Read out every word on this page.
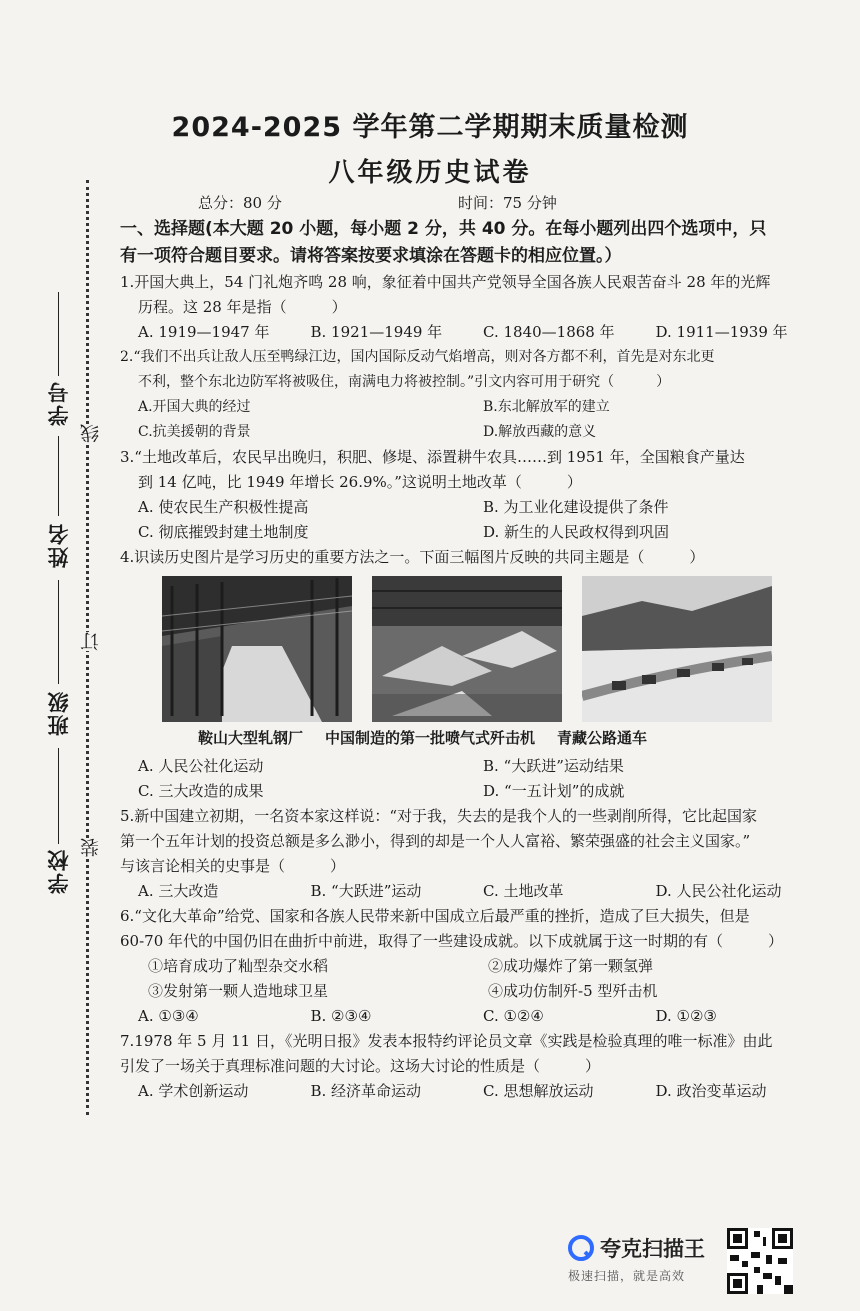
学号
姓名
班级
学校
线
订
装
2024-2025 学年第二学期期末质量检测
八年级历史试卷
总分：80 分	时间：75 分钟
一、选择题(本大题 20 小题，每小题 2 分，共 40 分。在每小题列出四个选项中，只
有一项符合题目要求。请将答案按要求填涂在答题卡的相应位置。）
1.开国大典上，54 门礼炮齐鸣 28 响，象征着中国共产党领导全国各族人民艰苦奋斗 28 年的光辉
历程。这 28 年是指（　　　）
A. 1919—1947 年	B. 1921—1949 年	C. 1840—1868 年	D. 1911—1939 年
2.“我们不出兵让敌人压至鸭绿江边，国内国际反动气焰增高，则对各方都不利，首先是对东北更
不利，整个东北边防军将被吸住，南满电力将被控制。”引文内容可用于研究（　　　）
A.开国大典的经过	B.东北解放军的建立
C.抗美援朝的背景	D.解放西藏的意义
3.“土地改革后，农民早出晚归，积肥、修堤、添置耕牛农具……到 1951 年，全国粮食产量达
到 14 亿吨，比 1949 年增长 26.9%。”这说明土地改革（　　　）
A. 使农民生产积极性提高	B. 为工业化建设提供了条件
C. 彻底摧毁封建土地制度	D. 新生的人民政权得到巩固
4.识读历史图片是学习历史的重要方法之一。下面三幅图片反映的共同主题是（　　　）
鞍山大型轧钢厂 中国制造的第一批喷气式歼击机 青藏公路通车
A. 人民公社化运动	B. “大跃进”运动结果
C. 三大改造的成果	D. “一五计划”的成就
5.新中国建立初期，一名资本家这样说：“对于我，失去的是我个人的一些剥削所得，它比起国家
第一个五年计划的投资总额是多么渺小，得到的却是一个人人富裕、繁荣强盛的社会主义国家。”
与该言论相关的史事是（　　　）
A. 三大改造	B. “大跃进”运动	C. 土地改革	D. 人民公社化运动
6.“文化大革命”给党、国家和各族人民带来新中国成立后最严重的挫折，造成了巨大损失，但是
60-70 年代的中国仍旧在曲折中前进，取得了一些建设成就。以下成就属于这一时期的有（　　　）
①培育成功了籼型杂交水稻	②成功爆炸了第一颗氢弹
③发射第一颗人造地球卫星	④成功仿制歼-5 型歼击机
A. ①③④	B. ②③④	C. ①②④	D. ①②③
7.1978 年 5 月 11 日，《光明日报》发表本报特约评论员文章《实践是检验真理的唯一标准》由此
引发了一场关于真理标准问题的大讨论。这场大讨论的性质是（　　　）
A. 学术创新运动	B. 经济革命运动	C. 思想解放运动	D. 政治变革运动
夸克扫描王
极速扫描，就是高效
